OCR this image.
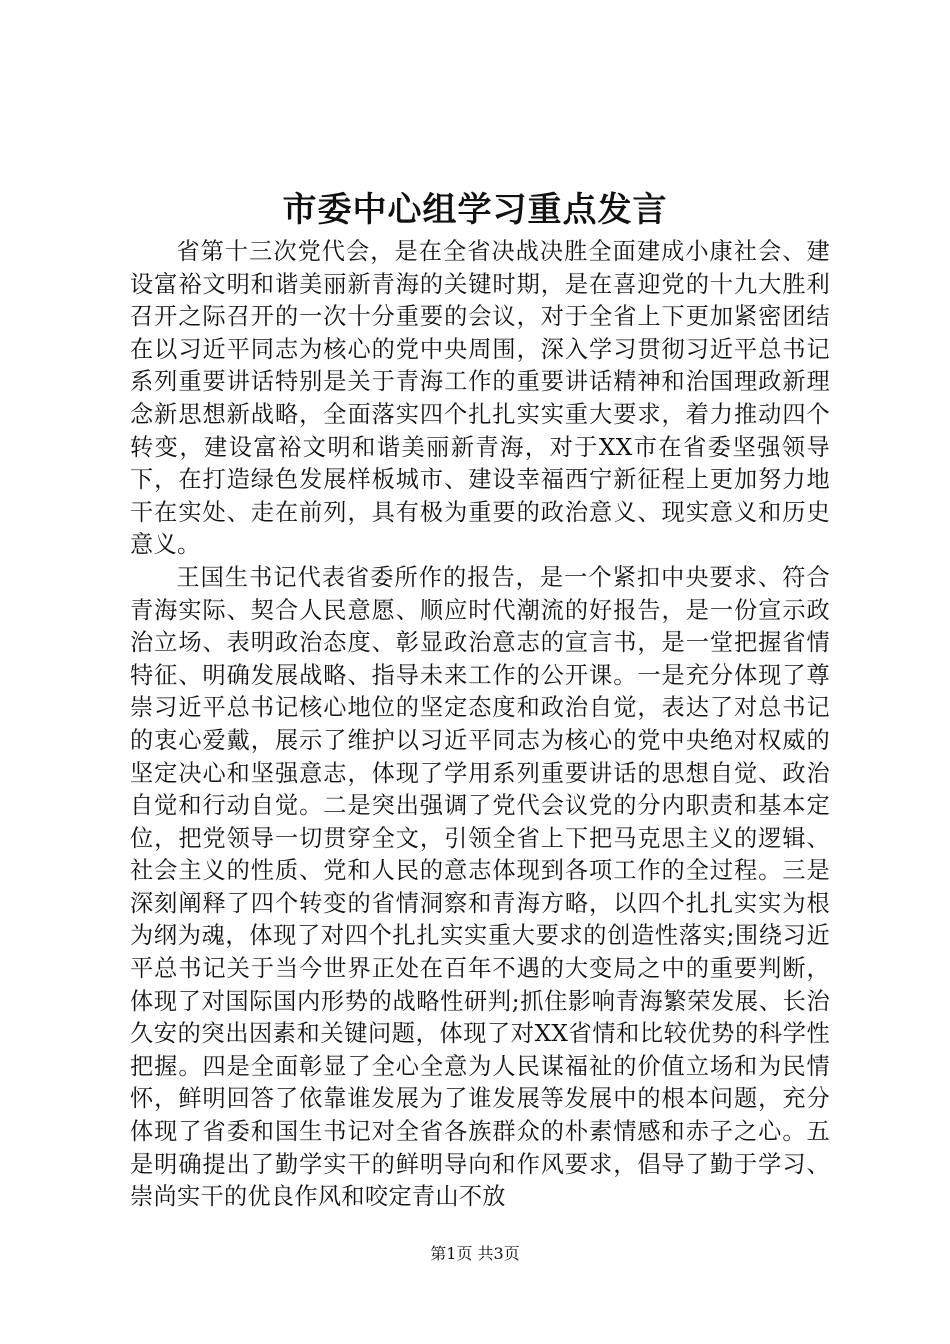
市委中心组学习重点发言

省第十三次党代会，是在全省决战决胜全面建成小康社会、建设富裕文明和谐美丽新青海的关键时期，是在喜迎党的十九大胜利召开之际召开的一次十分重要的会议，对于全省上下更加紧密团结在以习近平同志为核心的党中央周围，深入学习贯彻习近平总书记系列重要讲话特别是关于青海工作的重要讲话精神和治国理政新理念新思想新战略，全面落实四个扎扎实实重大要求，着力推动四个转变，建设富裕文明和谐美丽新青海，对于XX市在省委坚强领导下，在打造绿色发展样板城市、建设幸福西宁新征程上更加努力地干在实处、走在前列，具有极为重要的政治意义、现实意义和历史意义。

王国生书记代表省委所作的报告，是一个紧扣中央要求、符合青海实际、契合人民意愿、顺应时代潮流的好报告，是一份宣示政治立场、表明政治态度、彰显政治意志的宣言书，是一堂把握省情特征、明确发展战略、指导未来工作的公开课。一是充分体现了尊崇习近平总书记核心地位的坚定态度和政治自觉，表达了对总书记的衷心爱戴，展示了维护以习近平同志为核心的党中央绝对权威的坚定决心和坚强意志，体现了学用系列重要讲话的思想自觉、政治自觉和行动自觉。二是突出强调了党代会议党的分内职责和基本定位，把党领导一切贯穿全文，引领全省上下把马克思主义的逻辑、社会主义的性质、党和人民的意志体现到各项工作的全过程。三是深刻阐释了四个转变的省情洞察和青海方略，以四个扎扎实实为根为纲为魂，体现了对四个扎扎实实重大要求的创造性落实;围绕习近平总书记关于当今世界正处在百年不遇的大变局之中的重要判断，体现了对国际国内形势的战略性研判;抓住影响青海繁荣发展、长治久安的突出因素和关键问题，体现了对XX省情和比较优势的科学性把握。四是全面彰显了全心全意为人民谋福祉的价值立场和为民情怀，鲜明回答了依靠谁发展为了谁发展等发展中的根本问题，充分体现了省委和国生书记对全省各族群众的朴素情感和赤子之心。五是明确提出了勤学实干的鲜明导向和作风要求，倡导了勤于学习、崇尚实干的优良作风和咬定青山不放

第1页 共3页
